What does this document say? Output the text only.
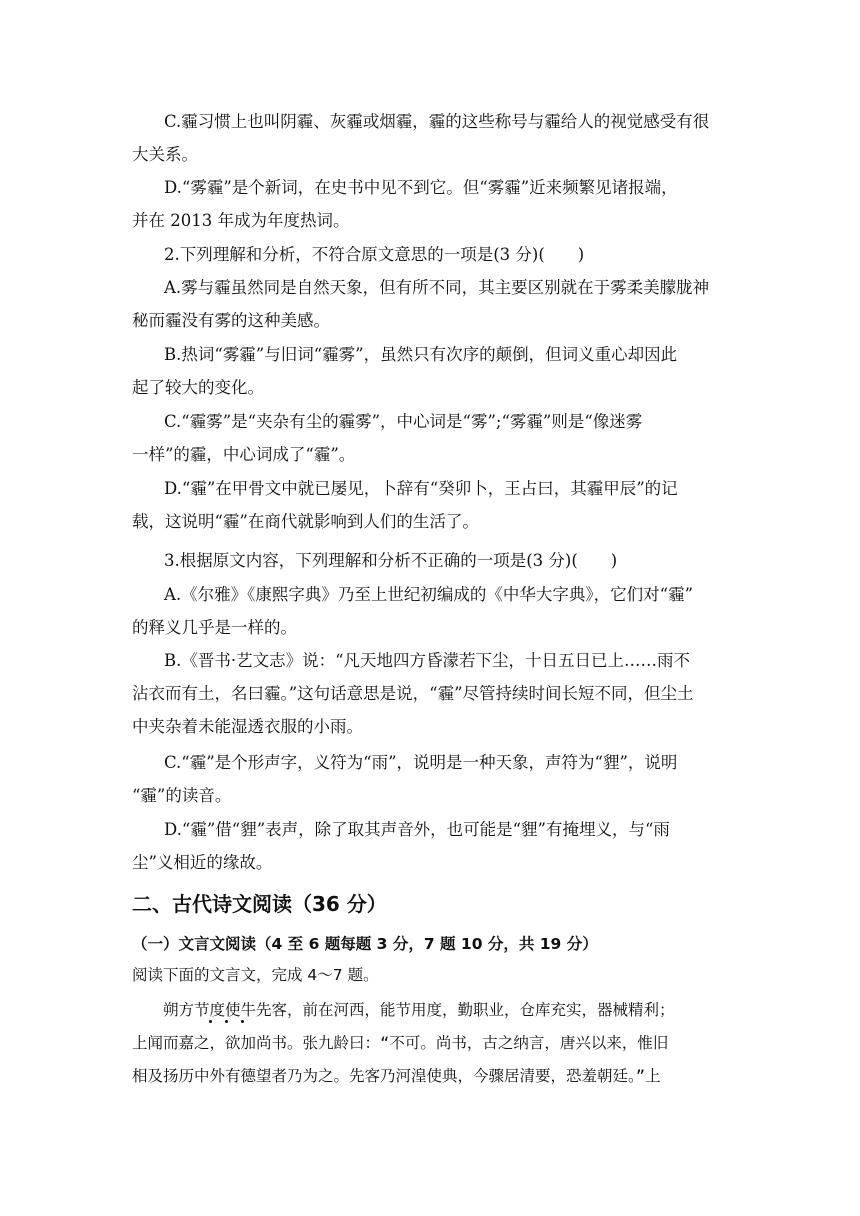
C.霾习惯上也叫阴霾、灰霾或烟霾，霾的这些称号与霾给人的视觉感受有很
大关系。
D.“雾霾”是个新词，在史书中见不到它。但“雾霾”近来频繁见诸报端，
并在 2013 年成为年度热词。
2.下列理解和分析，不符合原文意思的一项是(3 分)(　　)
A.雾与霾虽然同是自然天象，但有所不同，其主要区别就在于雾柔美朦胧神
秘而霾没有雾的这种美感。
B.热词“雾霾”与旧词“霾雾”，虽然只有次序的颠倒，但词义重心却因此
起了较大的变化。
C.“霾雾”是“夹杂有尘的霾雾”，中心词是“雾”;“雾霾”则是“像迷雾
一样”的霾，中心词成了“霾”。
D.“霾”在甲骨文中就已屡见，卜辞有“癸卯卜，王占曰，其霾甲辰”的记
载，这说明“霾”在商代就影响到人们的生活了。
3.根据原文内容，下列理解和分析不正确的一项是(3 分)(　　)
A.《尔雅》《康熙字典》乃至上世纪初编成的《中华大字典》，它们对“霾”
的释义几乎是一样的。
B.《晋书·艺文志》说：“凡天地四方昏濛若下尘，十日五日已上……雨不
沾衣而有土，名曰霾。”这句话意思是说，“霾”尽管持续时间长短不同，但尘土
中夹杂着未能湿透衣服的小雨。
C.“霾”是个形声字，义符为“雨”，说明是一种天象，声符为“貍”，说明
“霾”的读音。
D.“霾”借“貍”表声，除了取其声音外，也可能是“貍”有掩埋义，与“雨
尘”义相近的缘故。
二、古代诗文阅读（36 分）
（一）文言文阅读（4 至 6 题每题 3 分，7 题 10 分，共 19 分）
阅读下面的文言文，完成 4～7 题。
　　朔方节度使牛先客，前在河西，能节用度，勤职业，仓库充实，器械精利；
上闻而嘉之，欲加尚书。张九龄曰：“不可。尚书，古之纳言，唐兴以来，惟旧
相及扬历中外有德望者乃为之。先客乃河湟使典，今骤居清要，恐羞朝廷。”上
